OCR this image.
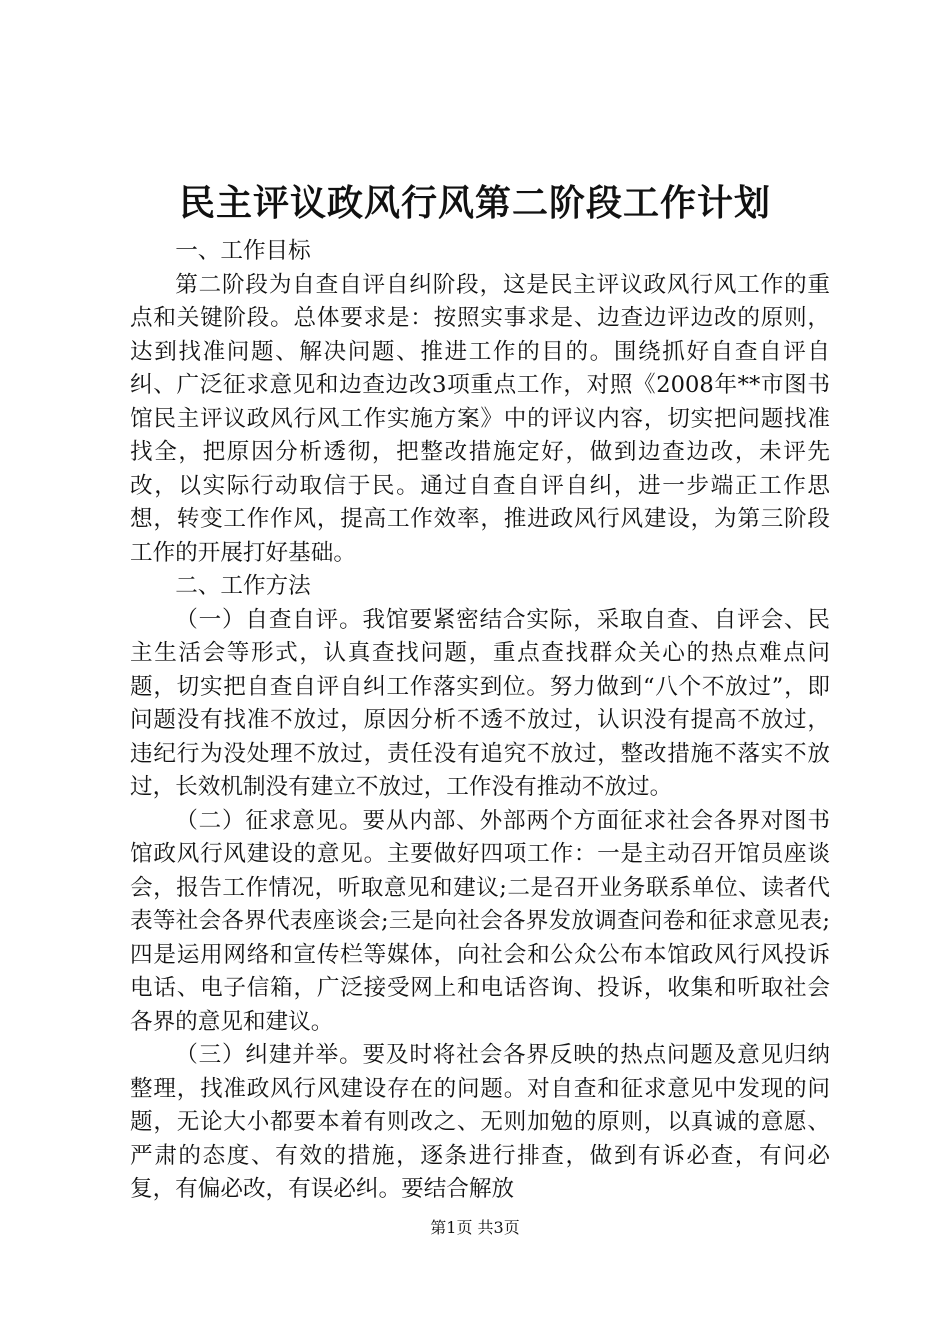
民主评议政风行风第二阶段工作计划

一、工作目标

第二阶段为自查自评自纠阶段，这是民主评议政风行风工作的重点和关键阶段。总体要求是：按照实事求是、边查边评边改的原则，达到找准问题、解决问题、推进工作的目的。围绕抓好自查自评自纠、广泛征求意见和边查边改3项重点工作，对照《2008年**市图书馆民主评议政风行风工作实施方案》中的评议内容，切实把问题找准找全，把原因分析透彻，把整改措施定好，做到边查边改，未评先改，以实际行动取信于民。通过自查自评自纠，进一步端正工作思想，转变工作作风，提高工作效率，推进政风行风建设，为第三阶段工作的开展打好基础。

二、工作方法

（一）自查自评。我馆要紧密结合实际，采取自查、自评会、民主生活会等形式，认真查找问题，重点查找群众关心的热点难点问题，切实把自查自评自纠工作落实到位。努力做到“八个不放过”，即问题没有找准不放过，原因分析不透不放过，认识没有提高不放过，违纪行为没处理不放过，责任没有追究不放过，整改措施不落实不放过，长效机制没有建立不放过，工作没有推动不放过。

（二）征求意见。要从内部、外部两个方面征求社会各界对图书馆政风行风建设的意见。主要做好四项工作：一是主动召开馆员座谈会，报告工作情况，听取意见和建议;二是召开业务联系单位、读者代表等社会各界代表座谈会;三是向社会各界发放调查问卷和征求意见表;四是运用网络和宣传栏等媒体，向社会和公众公布本馆政风行风投诉电话、电子信箱，广泛接受网上和电话咨询、投诉，收集和听取社会各界的意见和建议。

（三）纠建并举。要及时将社会各界反映的热点问题及意见归纳整理，找准政风行风建设存在的问题。对自查和征求意见中发现的问题，无论大小都要本着有则改之、无则加勉的原则，以真诚的意愿、严肃的态度、有效的措施，逐条进行排查，做到有诉必查，有问必复，有偏必改，有误必纠。要结合解放

第1页 共3页
